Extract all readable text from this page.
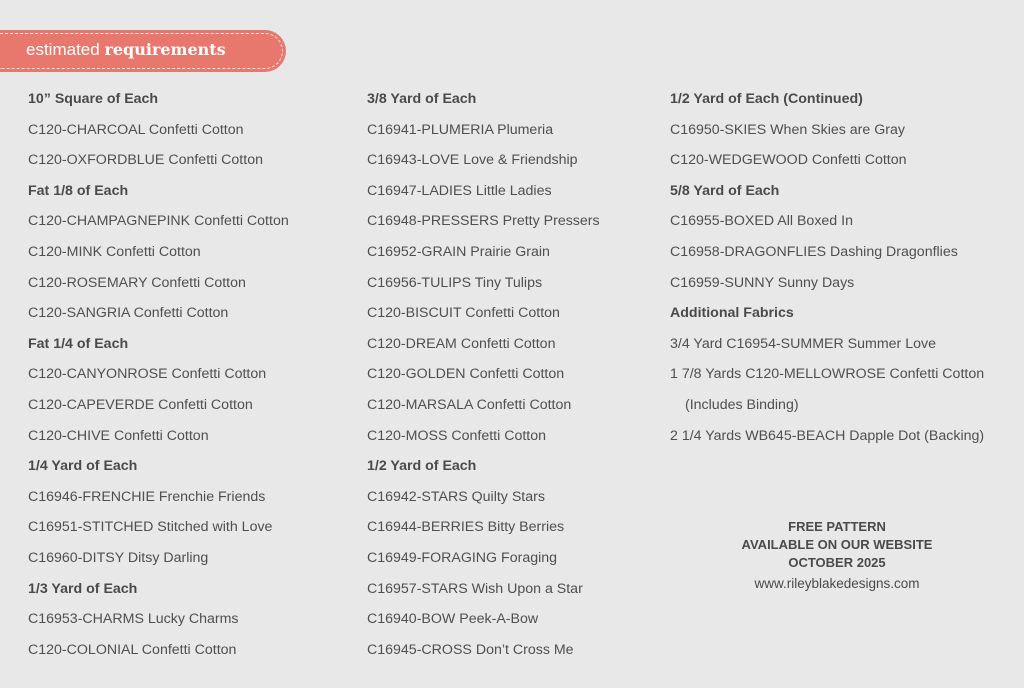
estimated requirements
10” Square of Each
C120-CHARCOAL Confetti Cotton
C120-OXFORDBLUE Confetti Cotton
Fat 1/8 of Each
C120-CHAMPAGNEPINK Confetti Cotton
C120-MINK Confetti Cotton
C120-ROSEMARY Confetti Cotton
C120-SANGRIA Confetti Cotton
Fat 1/4 of Each
C120-CANYONROSE Confetti Cotton
C120-CAPEVERDE Confetti Cotton
C120-CHIVE Confetti Cotton
1/4 Yard of Each
C16946-FRENCHIE Frenchie Friends
C16951-STITCHED Stitched with Love
C16960-DITSY Ditsy Darling
1/3 Yard of Each
C16953-CHARMS Lucky Charms
C120-COLONIAL Confetti Cotton
3/8 Yard of Each
C16941-PLUMERIA Plumeria
C16943-LOVE Love & Friendship
C16947-LADIES Little Ladies
C16948-PRESSERS Pretty Pressers
C16952-GRAIN Prairie Grain
C16956-TULIPS Tiny Tulips
C120-BISCUIT Confetti Cotton
C120-DREAM Confetti Cotton
C120-GOLDEN Confetti Cotton
C120-MARSALA Confetti Cotton
C120-MOSS Confetti Cotton
1/2 Yard of Each
C16942-STARS Quilty Stars
C16944-BERRIES Bitty Berries
C16949-FORAGING Foraging
C16957-STARS Wish Upon a Star
C16940-BOW Peek-A-Bow
C16945-CROSS Don’t Cross Me
1/2 Yard of Each (Continued)
C16950-SKIES When Skies are Gray
C120-WEDGEWOOD Confetti Cotton
5/8 Yard of Each
C16955-BOXED All Boxed In
C16958-DRAGONFLIES Dashing Dragonflies
C16959-SUNNY Sunny Days
Additional Fabrics
3/4 Yard C16954-SUMMER Summer Love
1 7/8 Yards C120-MELLOWROSE Confetti Cotton
(Includes Binding)
2 1/4 Yards WB645-BEACH Dapple Dot (Backing)
FREE PATTERN
AVAILABLE ON OUR WEBSITE
OCTOBER 2025
www.rileyblakedesigns.com
